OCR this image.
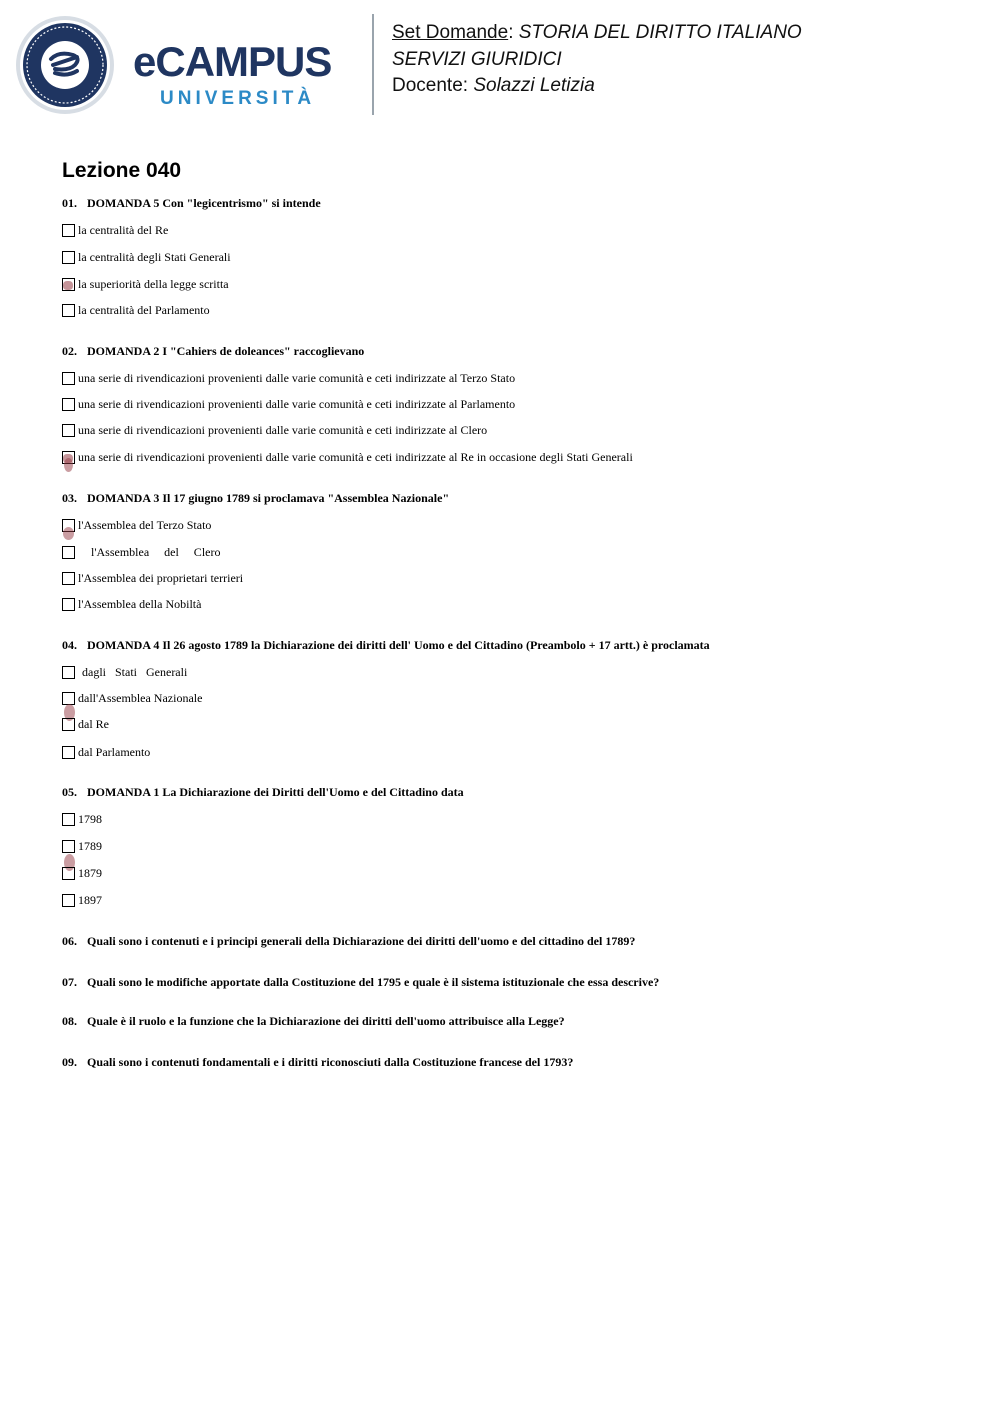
eCAMPUS
UNIVERSITÀ
Set Domande: STORIA DEL DIRITTO ITALIANO
SERVIZI GIURIDICI
Docente: Solazzi Letizia
Lezione 040
01. DOMANDA 5 Con "legicentrismo" si intende
la centralità del Re
la centralità degli Stati Generali
la superiorità della legge scritta
la centralità del Parlamento
02. DOMANDA 2 I "Cahiers de doleances" raccoglievano
una serie di rivendicazioni provenienti dalle varie comunità e ceti indirizzate al Terzo Stato
una serie di rivendicazioni provenienti dalle varie comunità e ceti indirizzate al Parlamento
una serie di rivendicazioni provenienti dalle varie comunità e ceti indirizzate al Clero
una serie di rivendicazioni provenienti dalle varie comunità e ceti indirizzate al Re in occasione degli Stati Generali
03. DOMANDA 3 Il 17 giugno 1789 si proclamava "Assemblea Nazionale"
l'Assemblea del Terzo Stato
l'Assemblea del Clero
l'Assemblea dei proprietari terrieri
l'Assemblea della Nobiltà
04. DOMANDA 4 Il 26 agosto 1789 la Dichiarazione dei diritti dell' Uomo e del Cittadino (Preambolo + 17 artt.) è proclamata
dagli Stati Generali
dall'Assemblea Nazionale
dal Re
dal Parlamento
05. DOMANDA 1 La Dichiarazione dei Diritti dell'Uomo e del Cittadino data
1798
1789
1879
1897
06. Quali sono i contenuti e i principi generali della Dichiarazione dei diritti dell'uomo e del cittadino del 1789?
07. Quali sono le modifiche apportate dalla Costituzione del 1795 e quale è il sistema istituzionale che essa descrive?
08. Quale è il ruolo e la funzione che la Dichiarazione dei diritti dell'uomo attribuisce alla Legge?
09. Quali sono i contenuti fondamentali e i diritti riconosciuti dalla Costituzione francese del 1793?
